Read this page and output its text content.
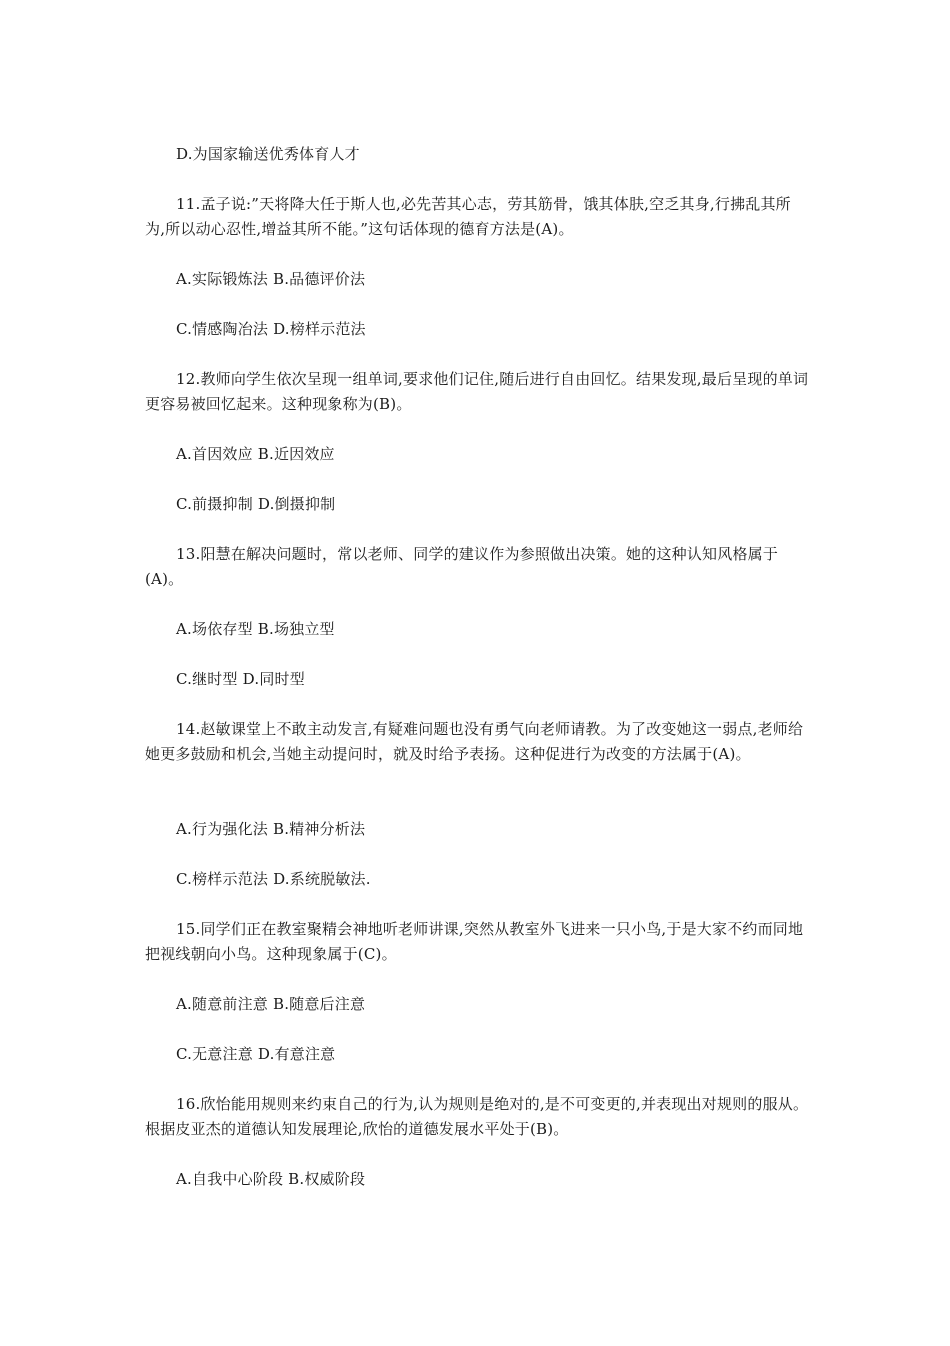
D.为国家输送优秀体育人才
11.孟子说:”天将降大任于斯人也,必先苦其心志，劳其筋骨，饿其体肤,空乏其身,行拂乱其所为,所以动心忍性,增益其所不能。”这句话体现的德育方法是(A)。
A.实际锻炼法 B.品德评价法
C.情感陶冶法 D.榜样示范法
12.教师向学生依次呈现一组单词,要求他们记住,随后进行自由回忆。结果发现,最后呈现的单词更容易被回忆起来。这种现象称为(B)。
A.首因效应 B.近因效应
C.前摄抑制 D.倒摄抑制
13.阳慧在解决问题时，常以老师、同学的建议作为参照做出决策。她的这种认知风格属于(A)。
A.场依存型 B.场独立型
C.继时型 D.同时型
14.赵敏课堂上不敢主动发言,有疑难问题也没有勇气向老师请教。为了改变她这一弱点,老师给她更多鼓励和机会,当她主动提问时，就及时给予表扬。这种促进行为改变的方法属于(A)。
A.行为强化法 B.精神分析法
C.榜样示范法 D.系统脱敏法.
15.同学们正在教室聚精会神地听老师讲课,突然从教室外飞进来一只小鸟,于是大家不约而同地把视线朝向小鸟。这种现象属于(C)。
A.随意前注意 B.随意后注意
C.无意注意 D.有意注意
16.欣怡能用规则来约束自己的行为,认为规则是绝对的,是不可变更的,并表现出对规则的服从。根据皮亚杰的道德认知发展理论,欣怡的道德发展水平处于(B)。
A.自我中心阶段 B.权威阶段
